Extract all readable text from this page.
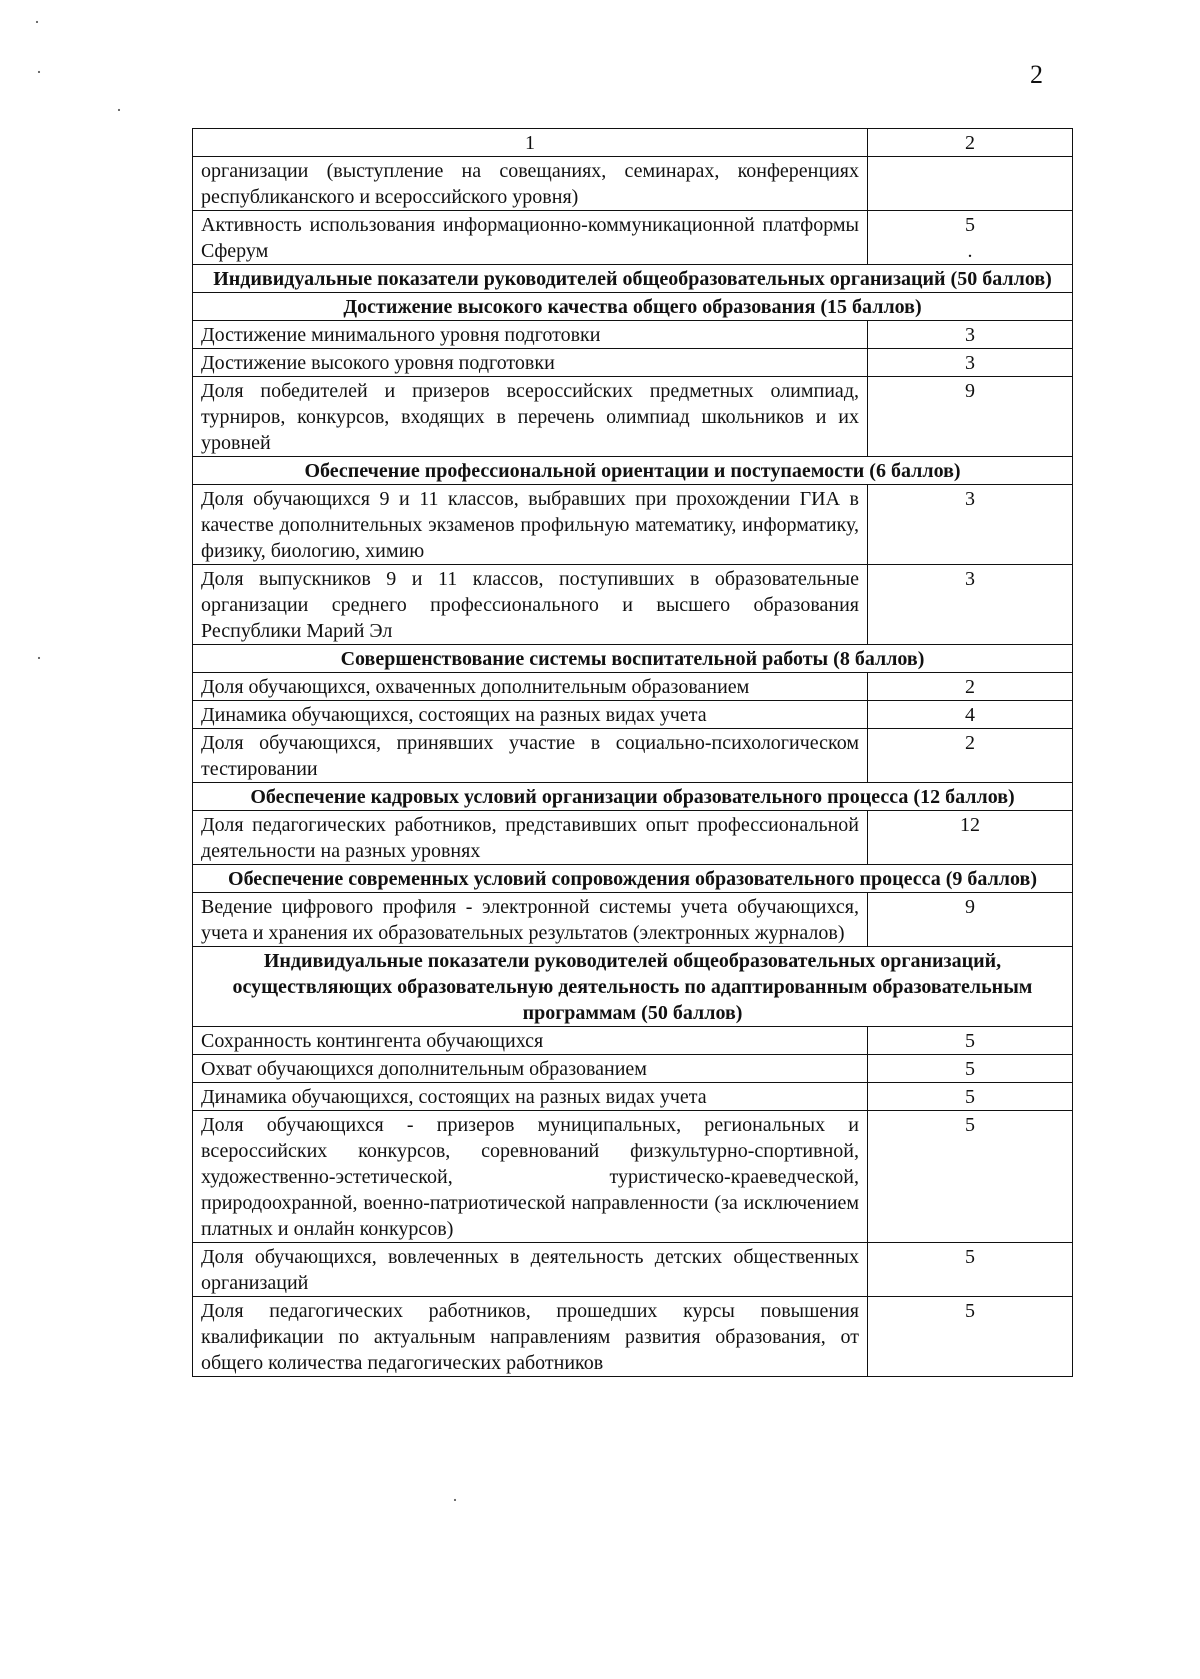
2
·
·
·
·
·
1	2
организации (выступление на совещаниях, семинарах, конференциях республиканского и всероссийского уровня)	

Активность использования информационно-коммуникационной платформы Сферум	5
.

Индивидуальные показатели руководителей общеобразовательных организаций (50 баллов)	
Достижение высокого качества общего образования (15 баллов)	
Достижение минимального уровня подготовки	3

Достижение высокого уровня подготовки	3

Доля победителей и призеров всероссийских предметных олимпиад, турниров, конкурсов, входящих в перечень олимпиад школьников и их уровней	9

Обеспечение профессиональной ориентации и поступаемости (6 баллов)	
Доля обучающихся 9 и 11 классов, выбравших при прохождении ГИА в качестве дополнительных экзаменов профильную математику, информатику, физику, биологию, химию	3

Доля выпускников 9 и 11 классов, поступивших в образовательные организации среднего профессионального и высшего образования Республики Марий Эл	3

Совершенствование системы воспитательной работы (8 баллов)	
Доля обучающихся, охваченных дополнительным образованием	2

Динамика обучающихся, состоящих на разных видах учета	4

Доля обучающихся, принявших участие в социально-психологическом тестировании	2

Обеспечение кадровых условий организации образовательного процесса (12 баллов)	
Доля педагогических работников, представивших опыт профессиональной деятельности на разных уровнях	12

Обеспечение современных условий сопровождения образовательного процесса (9 баллов)	
Ведение цифрового профиля - электронной системы учета обучающихся, учета и хранения их образовательных результатов (электронных журналов)	9

Индивидуальные показатели руководителей общеобразовательных организаций, осуществляющих образовательную деятельность по адаптированным образовательным программам (50 баллов)	
Сохранность контингента обучающихся	5

Охват обучающихся дополнительным образованием	5

Динамика обучающихся, состоящих на разных видах учета	5

Доля обучающихся - призеров муниципальных, региональных и всероссийских конкурсов, соревнований физкультурно-спортивной, художественно-эстетической, туристическо-краеведческой, природоохранной, военно-патриотической направленности (за исключением платных и онлайн конкурсов)	5

Доля обучающихся, вовлеченных в деятельность детских общественных организаций	5

Доля педагогических работников, прошедших курсы повышения квалификации по актуальным направлениям развития образования, от общего количества педагогических работников	5
